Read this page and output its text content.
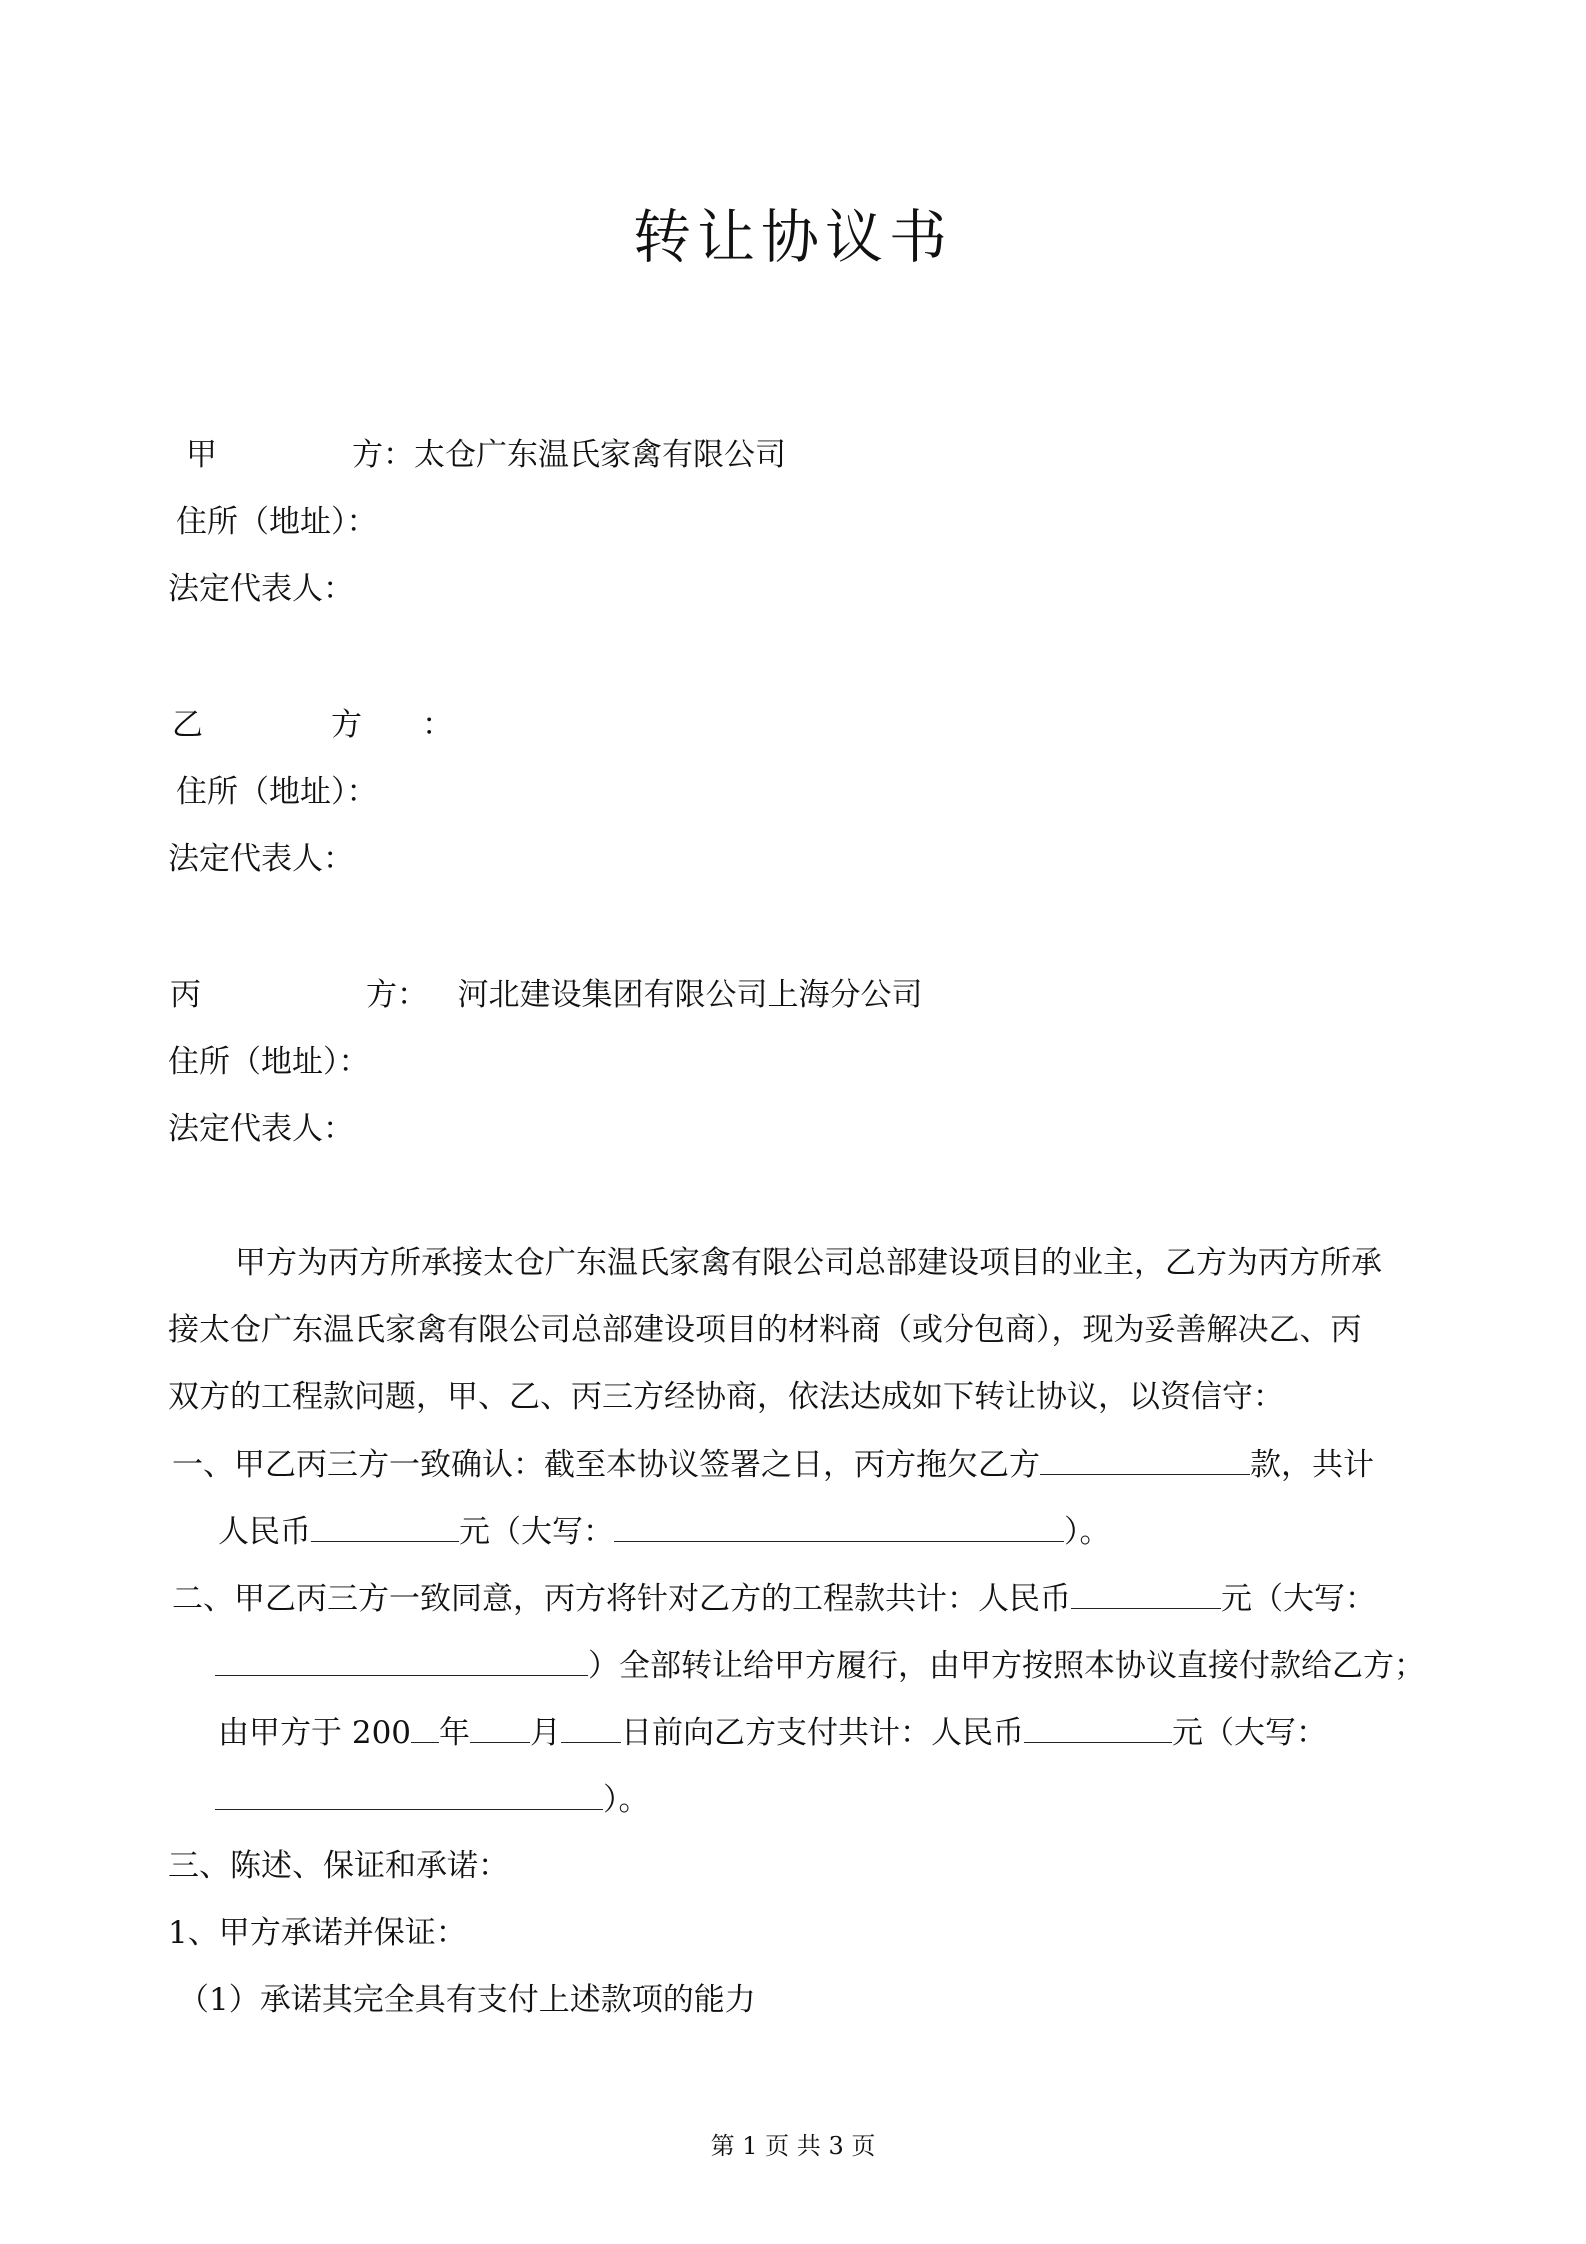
转让协议书
甲	方：太仓广东温氏家禽有限公司
住所（地址）：
法定代表人：
乙	方 ：
住所（地址）：
法定代表人：
丙	方： 河北建设集团有限公司上海分公司
住所（地址）：
法定代表人：
甲方为丙方所承接太仓广东温氏家禽有限公司总部建设项目的业主，乙方为丙方所承
接太仓广东温氏家禽有限公司总部建设项目的材料商（或分包商），现为妥善解决乙、丙
双方的工程款问题，甲、乙、丙三方经协商，依法达成如下转让协议，以资信守：
一、甲乙丙三方一致确认：截至本协议签署之日，丙方拖欠乙方	款，共计
人民币	元（大写：	）。
二、甲乙丙三方一致同意，丙方将针对乙方的工程款共计：人民币	元（大写：
）全部转让给甲方履行，由甲方按照本协议直接付款给乙方；
由甲方于 200 年 月 日前向乙方支付共计：人民币	元（大写：
）。
三、陈述、保证和承诺：
1、甲方承诺并保证：
（1）承诺其完全具有支付上述款项的能力
第 1 页 共 3 页
